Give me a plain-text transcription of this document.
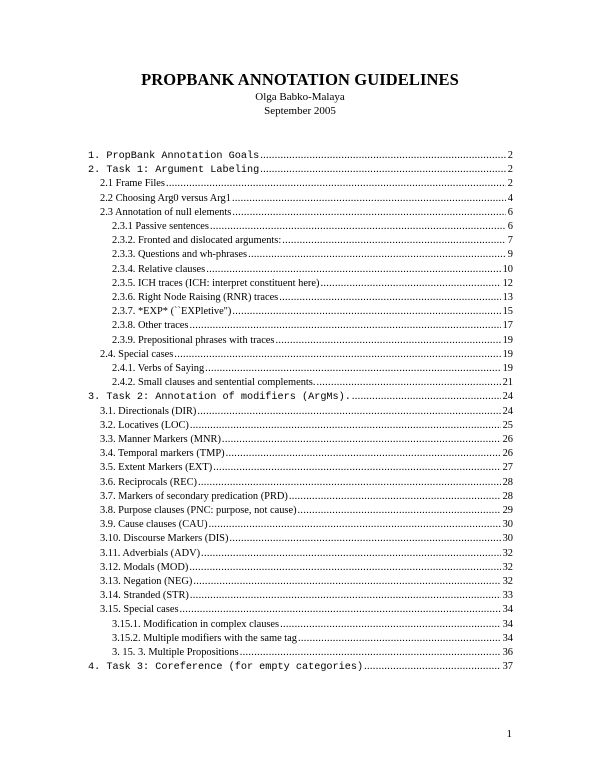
PROPBANK ANNOTATION GUIDELINES
Olga Babko-Malaya
September 2005
1. PropBank Annotation Goals .....	2
2. Task 1: Argument Labeling .....	2
2.1 Frame Files .....	2
2.2 Choosing Arg0 versus Arg1 .....	4
2.3 Annotation of null elements .....	6
2.3.1 Passive sentences .....	6
2.3.2. Fronted and dislocated arguments: .....	7
2.3.3. Questions and wh-phrases .....	9
2.3.4. Relative clauses .....	10
2.3.5. ICH traces (ICH: interpret constituent here) .....	12
2.3.6. Right Node Raising (RNR) traces .....	13
2.3.7. *EXP* (``EXPletive") .....	15
2.3.8. Other traces .....	17
2.3.9. Prepositional phrases with traces .....	19
2.4. Special cases .....	19
2.4.1. Verbs of Saying .....	19
2.4.2. Small clauses and sentential complements. .....	21
3. Task 2: Annotation of modifiers (ArgMs). .....	24
3.1. Directionals (DIR) .....	24
3.2. Locatives (LOC) .....	25
3.3. Manner Markers (MNR) .....	26
3.4. Temporal markers (TMP) .....	26
3.5. Extent Markers (EXT) .....	27
3.6. Reciprocals (REC) .....	28
3.7. Markers of secondary predication (PRD) .....	28
3.8. Purpose clauses (PNC: purpose, not cause) .....	29
3.9. Cause clauses (CAU) .....	30
3.10. Discourse Markers (DIS) .....	30
3.11. Adverbials (ADV) .....	32
3.12. Modals (MOD) .....	32
3.13. Negation (NEG) .....	32
3.14. Stranded (STR) .....	33
3.15. Special cases .....	34
3.15.1. Modification in complex clauses .....	34
3.15.2. Multiple modifiers with the same tag .....	34
3. 15. 3. Multiple Propositions .....	36
4. Task 3: Coreference (for empty categories) .....	37
1
